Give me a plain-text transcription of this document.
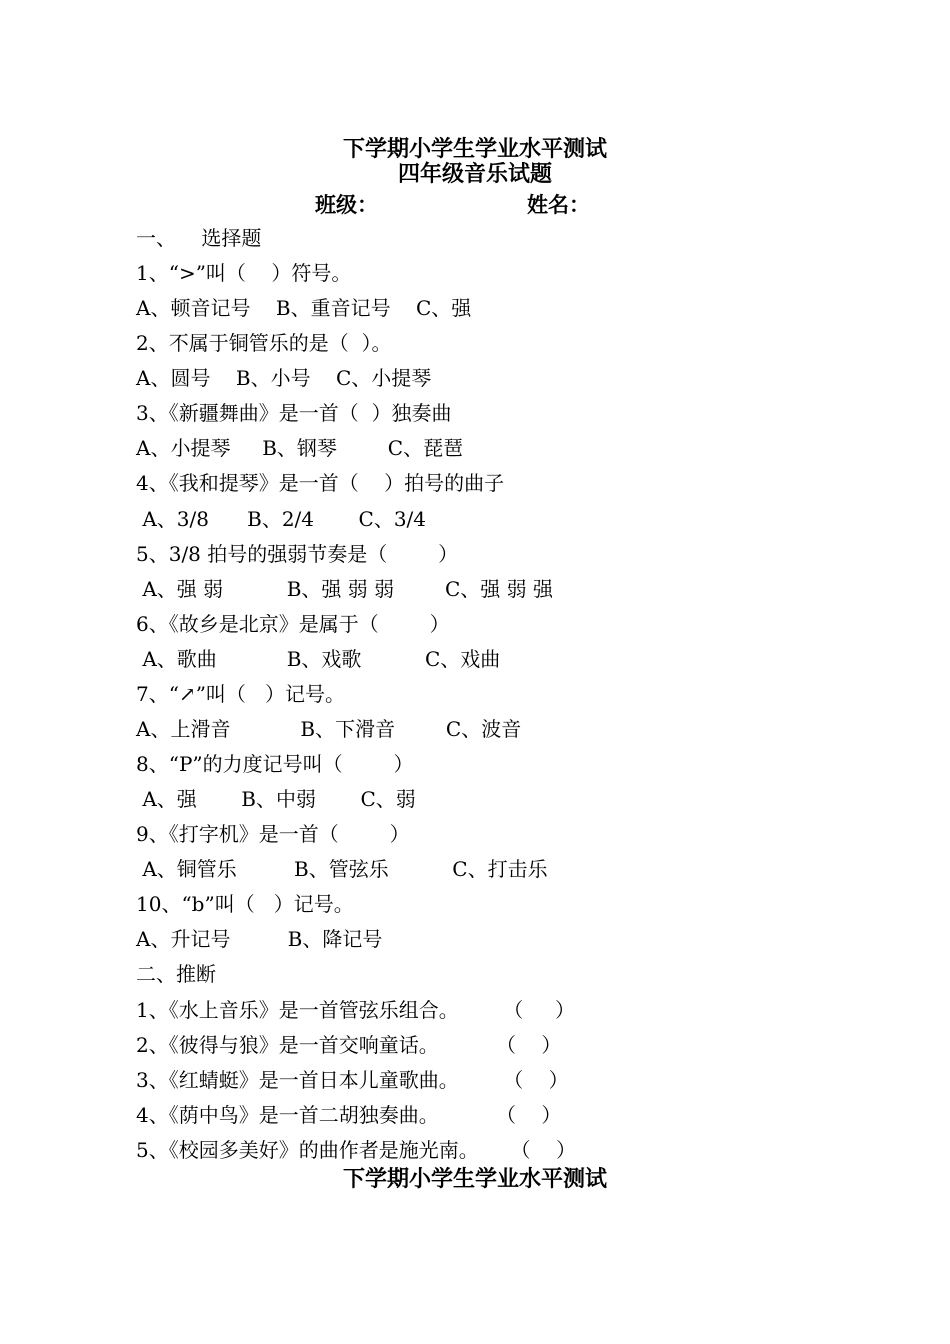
下学期小学生学业水平测试
四年级音乐试题
班级：	姓名：
一、    选择题
1、“>”叫（    ）符号。
A、顿音记号    B、重音记号    C、强
2、不属于铜管乐的是（  ）。
A、圆号    B、小号    C、小提琴
3、《新疆舞曲》是一首（  ）独奏曲
A、小提琴     B、钢琴        C、琵琶
4、《我和提琴》是一首（    ）拍号的曲子
A、3/8      B、2/4       C、3/4
5、3/8 拍号的强弱节奏是（        ）
A、强 弱          B、强 弱 弱        C、强 弱 强
6、《故乡是北京》是属于（        ）
A、歌曲           B、戏歌          C、戏曲
7、“↗”叫（   ）记号。
A、上滑音           B、下滑音        C、波音
8、“P”的力度记号叫（        ）
A、强       B、中弱       C、弱
9、《打字机》是一首（        ）
A、铜管乐         B、管弦乐          C、打击乐
10、“b”叫（   ）记号。
A、升记号         B、降记号
二、推断
1、《水上音乐》是一首管弦乐组合。       （     ）
2、《彼得与狼》是一首交响童话。         （    ）
3、《红蜻蜓》是一首日本儿童歌曲。       （    ）
4、《荫中鸟》是一首二胡独奏曲。         （    ）
5、《校园多美好》的曲作者是施光南。     （    ）
下学期小学生学业水平测试
